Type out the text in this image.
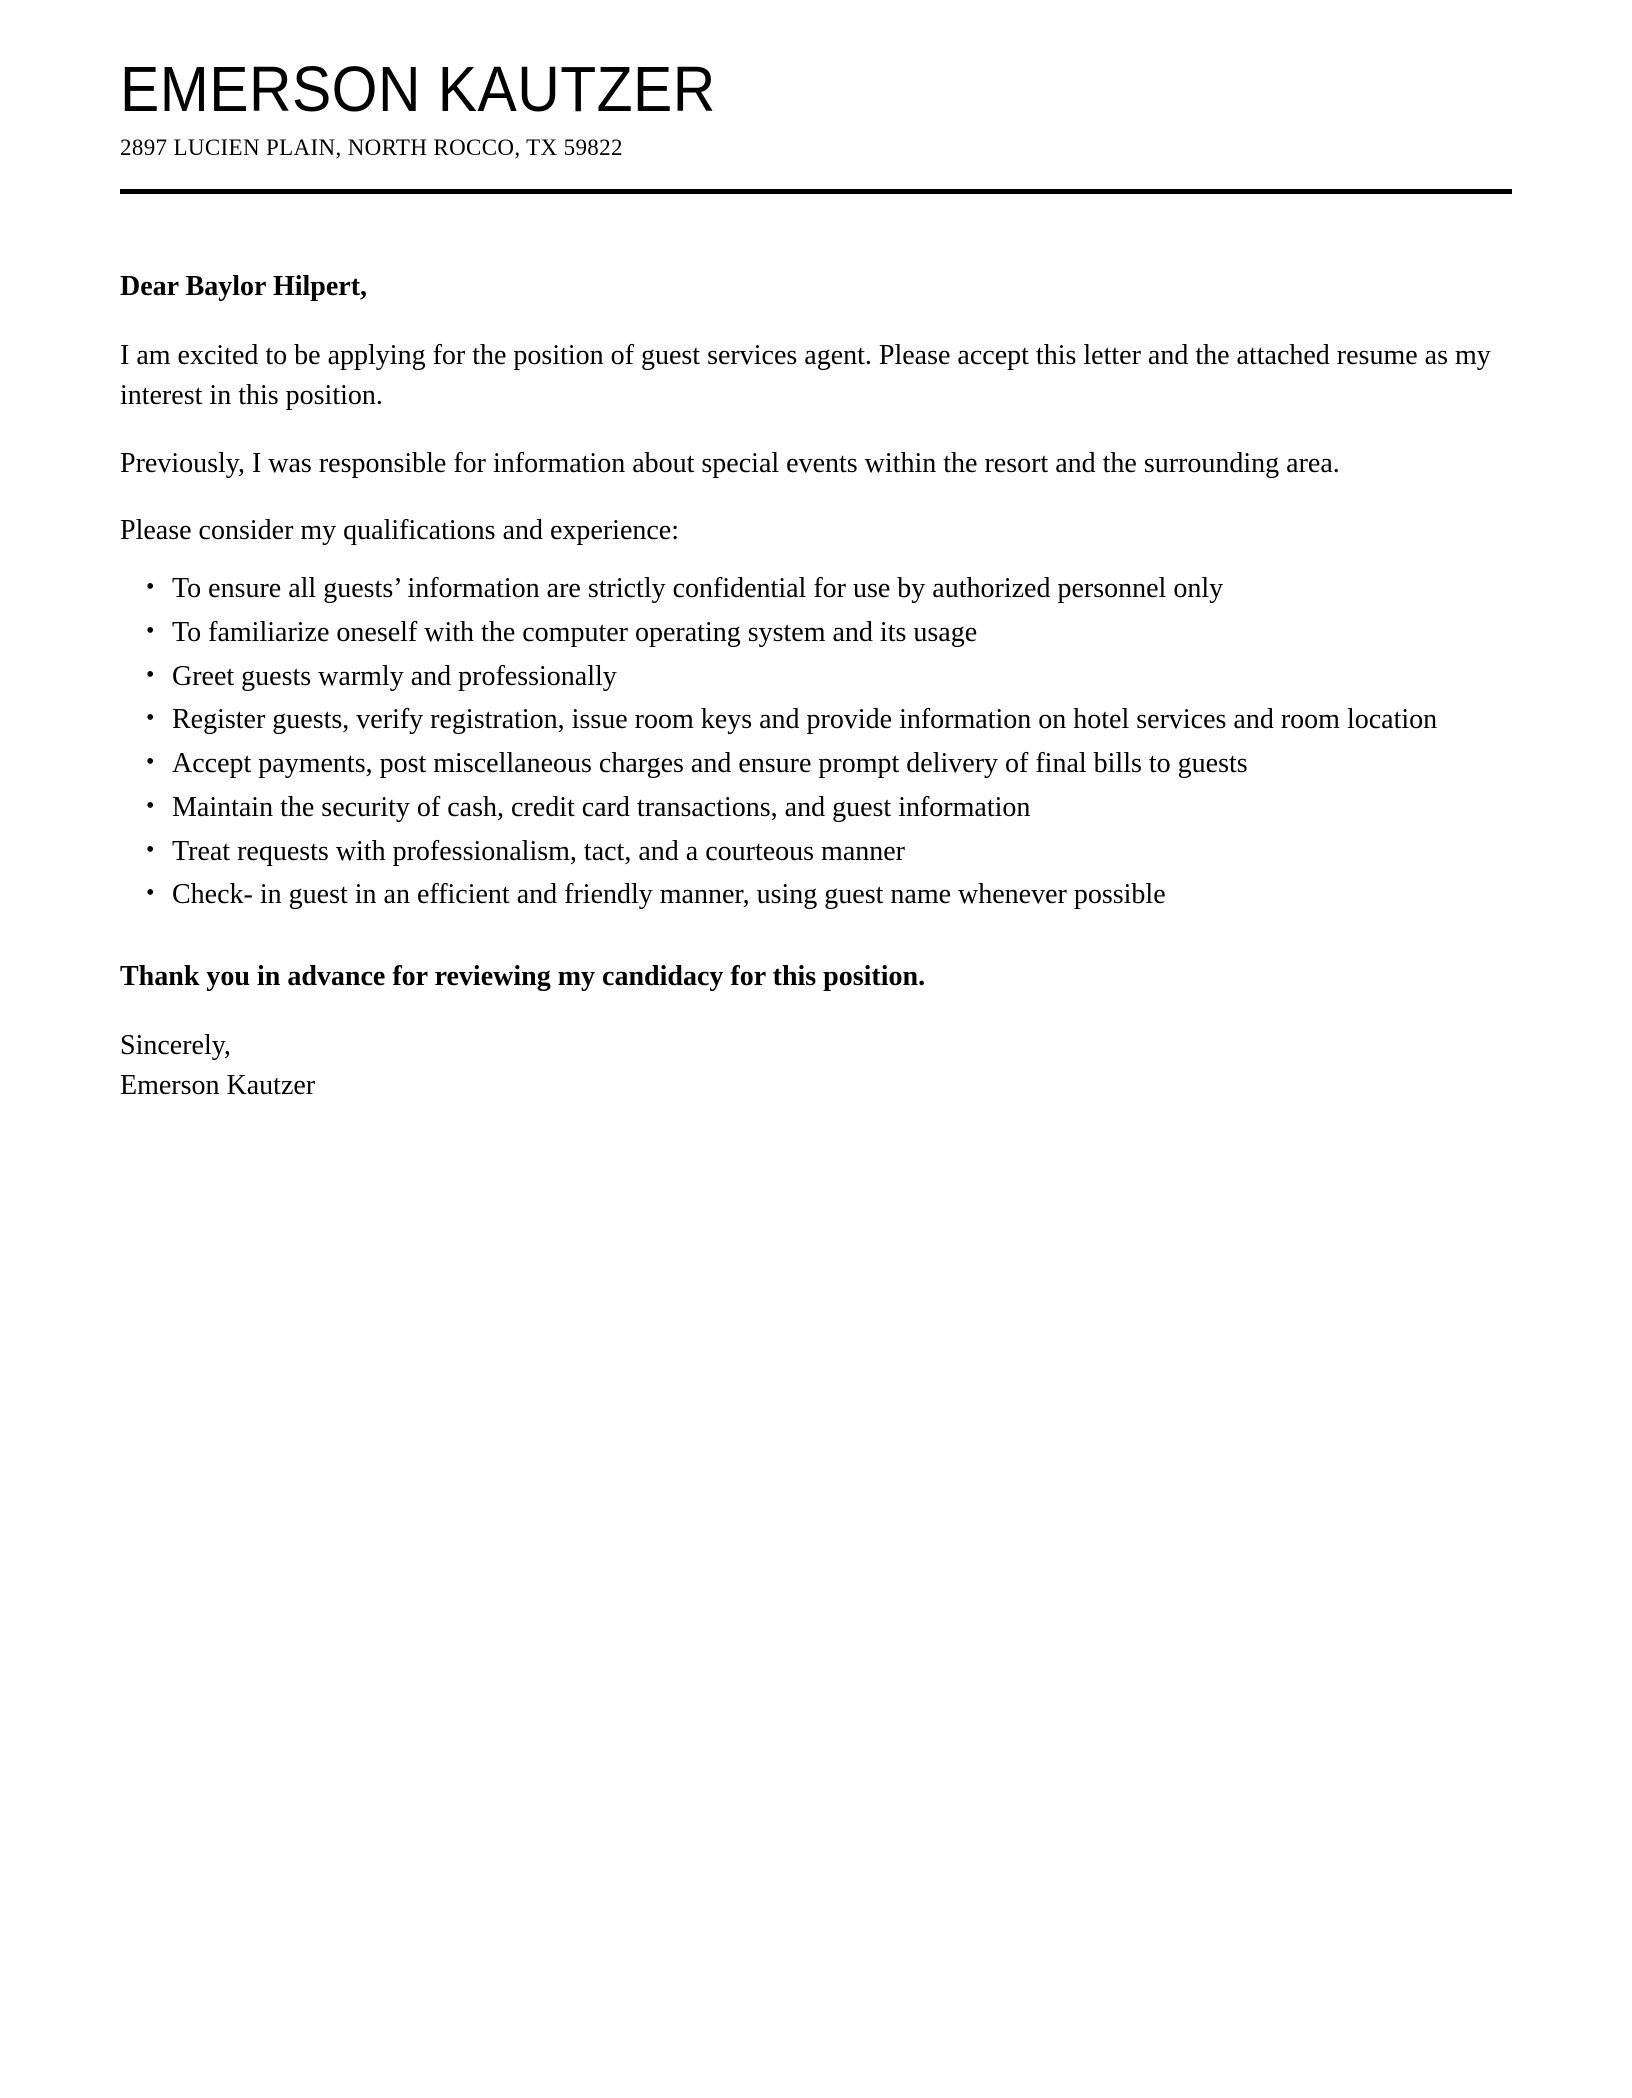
EMERSON KAUTZER
2897 LUCIEN PLAIN, NORTH ROCCO, TX 59822

Dear Baylor Hilpert,

I am excited to be applying for the position of guest services agent. Please accept this letter and the attached resume as my interest in this position.

Previously, I was responsible for information about special events within the resort and the surrounding area.

Please consider my qualifications and experience:

• To ensure all guests’ information are strictly confidential for use by authorized personnel only
• To familiarize oneself with the computer operating system and its usage
• Greet guests warmly and professionally
• Register guests, verify registration, issue room keys and provide information on hotel services and room location
• Accept payments, post miscellaneous charges and ensure prompt delivery of final bills to guests
• Maintain the security of cash, credit card transactions, and guest information
• Treat requests with professionalism, tact, and a courteous manner
• Check- in guest in an efficient and friendly manner, using guest name whenever possible

Thank you in advance for reviewing my candidacy for this position.

Sincerely,
Emerson Kautzer
